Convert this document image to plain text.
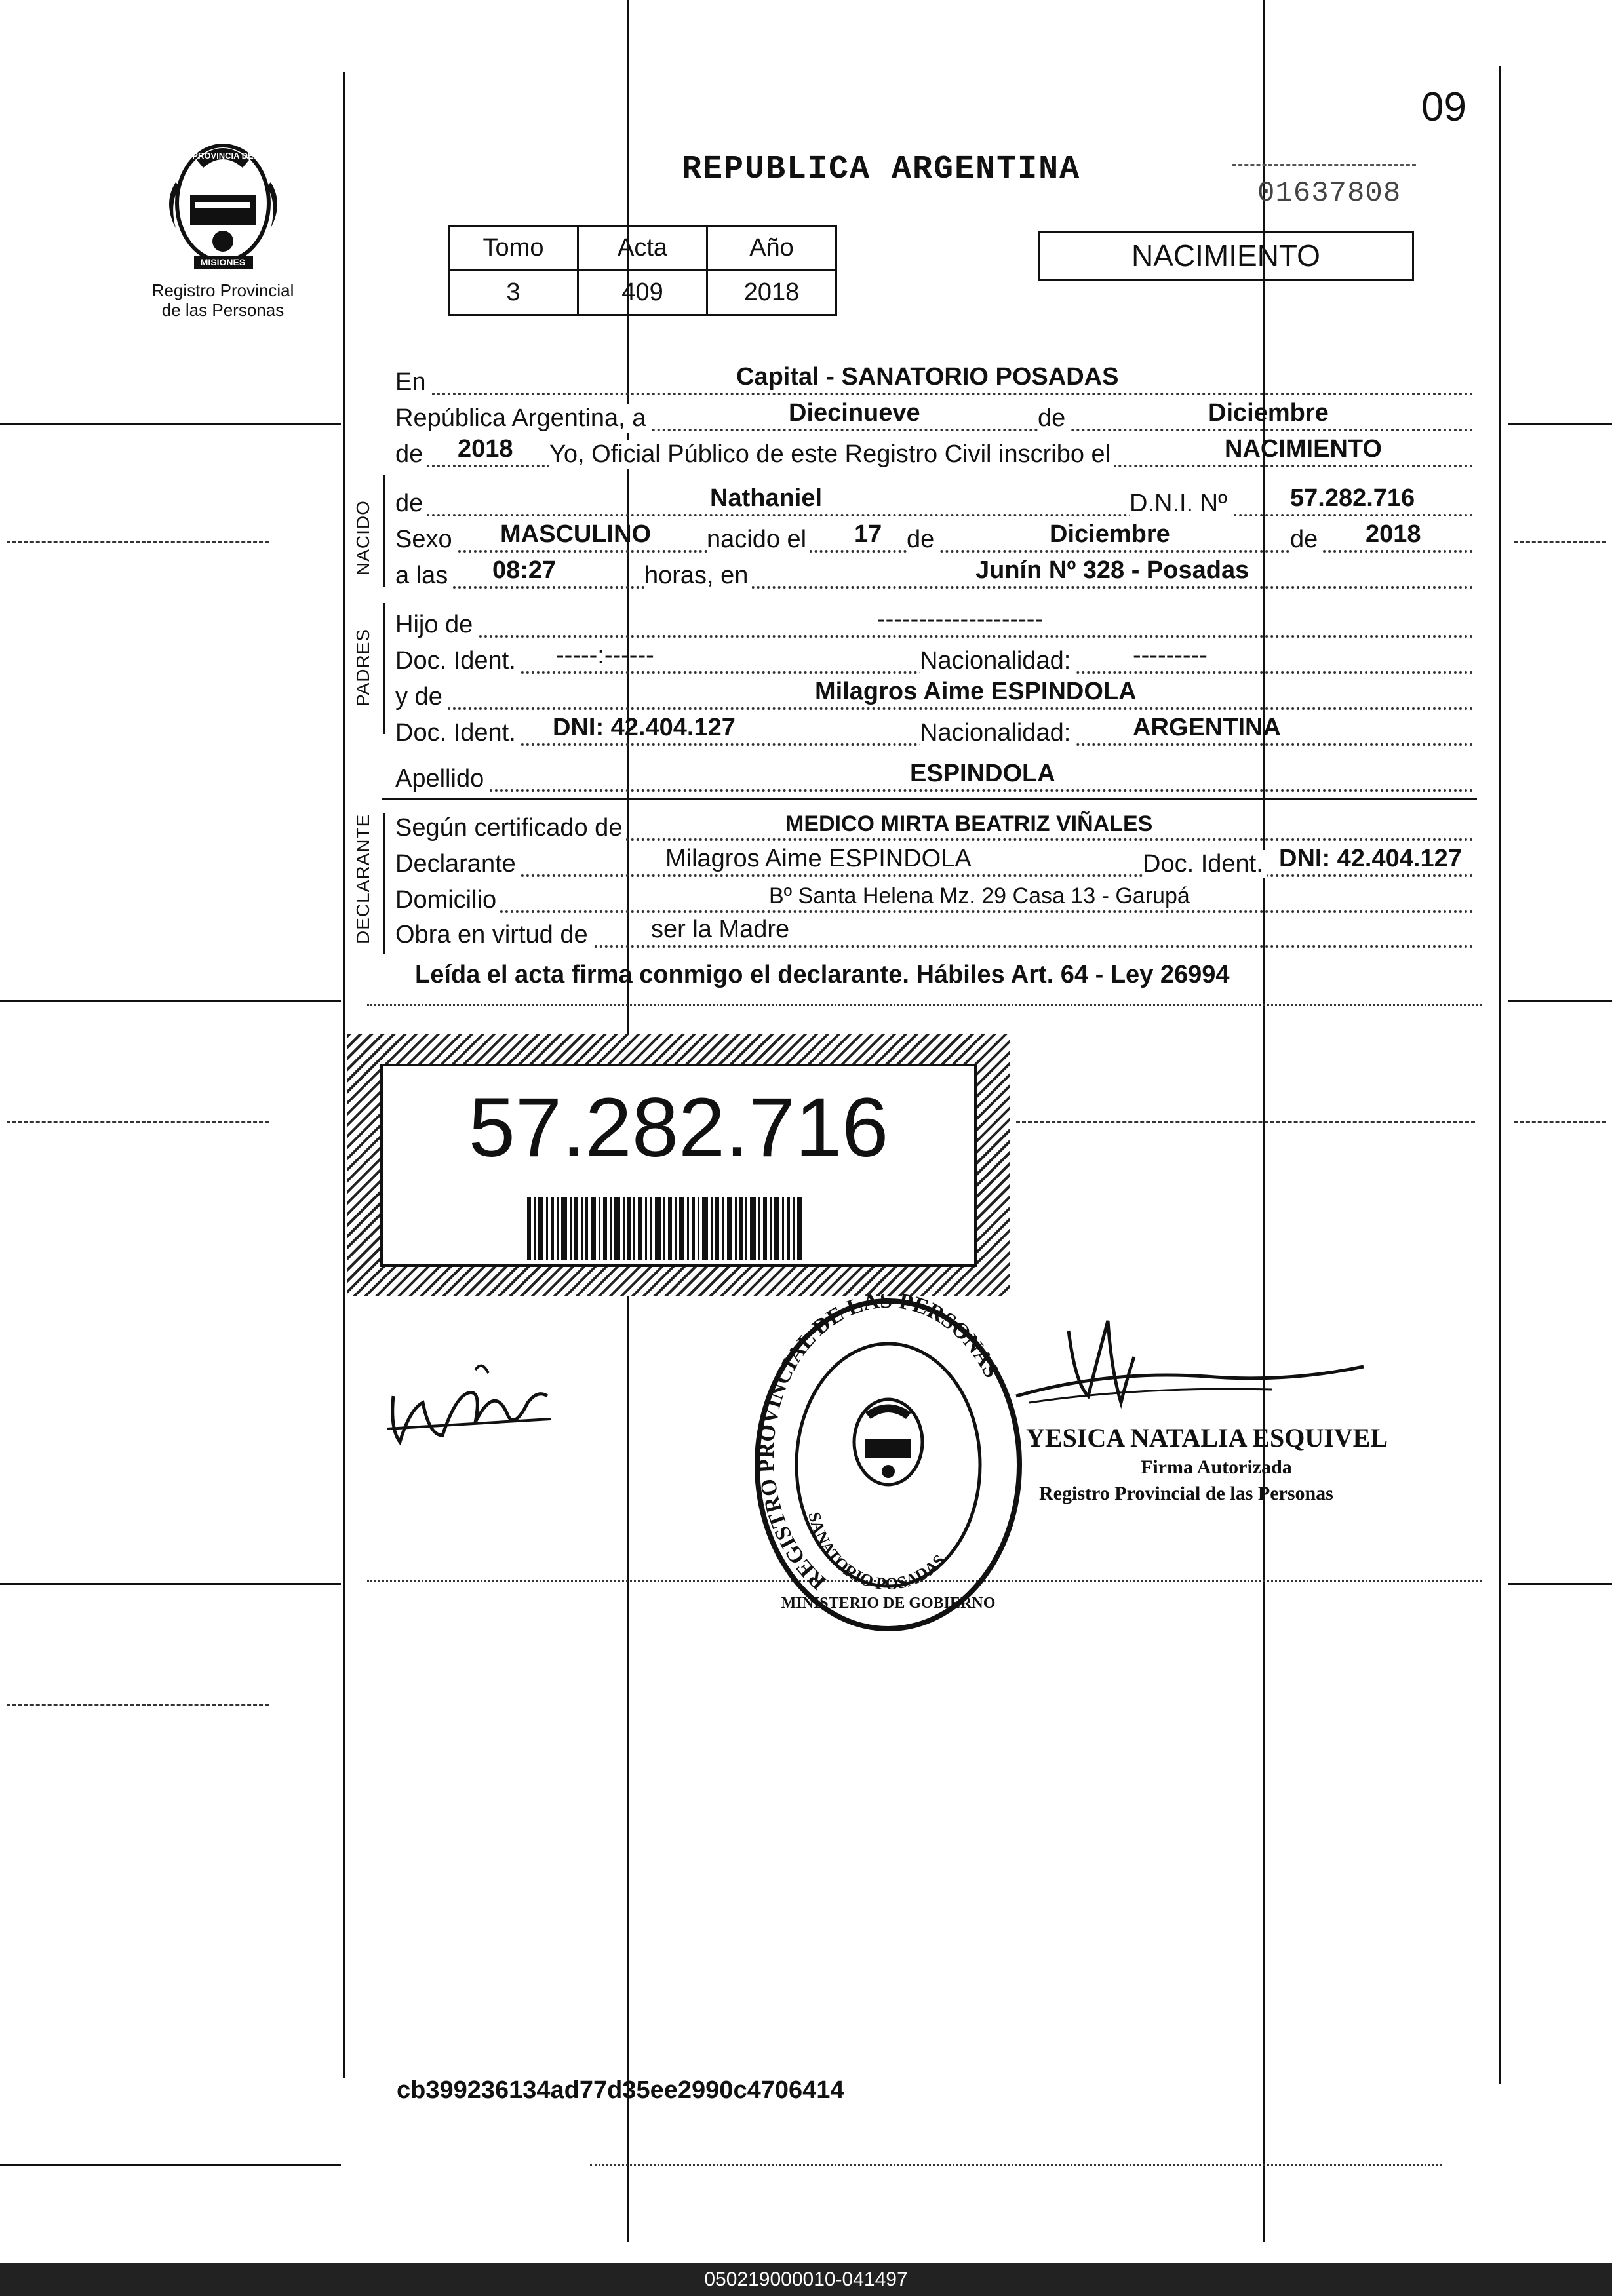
09
PROVINCIA DE
MISIONES
Registro Provincial
de las Personas
REPUBLICA ARGENTINA
01637808
Tomo	Acta	Año
3	409	2018
NACIMIENTO
En	Capital - SANATORIO POSADAS
República Argentina, a	Diecinueve	de	Diciembre
de 2018 Yo, Oficial Público de este Registro Civil inscribo el	NACIMIENTO
NACIDO de	Nathaniel	D.N.I. Nº	57.282.716
Sexo MASCULINO nacido el 17 de	Diciembre	de 2018
a las 08:27	horas, en	Junín Nº 328 - Posadas
PADRES
Hijo de	--------------------
Doc. Ident. -----:------	Nacionalidad: ---------
y de	Milagros Aime ESPINDOLA
Doc. Ident. DNI: 42.404.127	Nacionalidad: ARGENTINA
Apellido	ESPINDOLA
DECLARANTE Según certificado de	MEDICO MIRTA BEATRIZ VIÑALES
Declarante	Milagros Aime ESPINDOLA	Doc. Ident. DNI: 42.404.127
Domicilio	Bº Santa Helena Mz. 29 Casa 13 - Garupá
Obra en virtud de	ser la Madre
Leída el acta firma conmigo el declarante. Hábiles Art. 64 - Ley 26994
57.282.716
REGISTRO PROVINCIAL DE LAS PERSONAS
SANATORIO POSADAS
MINISTERIO DE GOBIERNO
YESICA NATALIA ESQUIVEL
Firma Autorizada
Registro Provincial de las Personas
cb399236134ad77d35ee2990c4706414
050219000010-041497
